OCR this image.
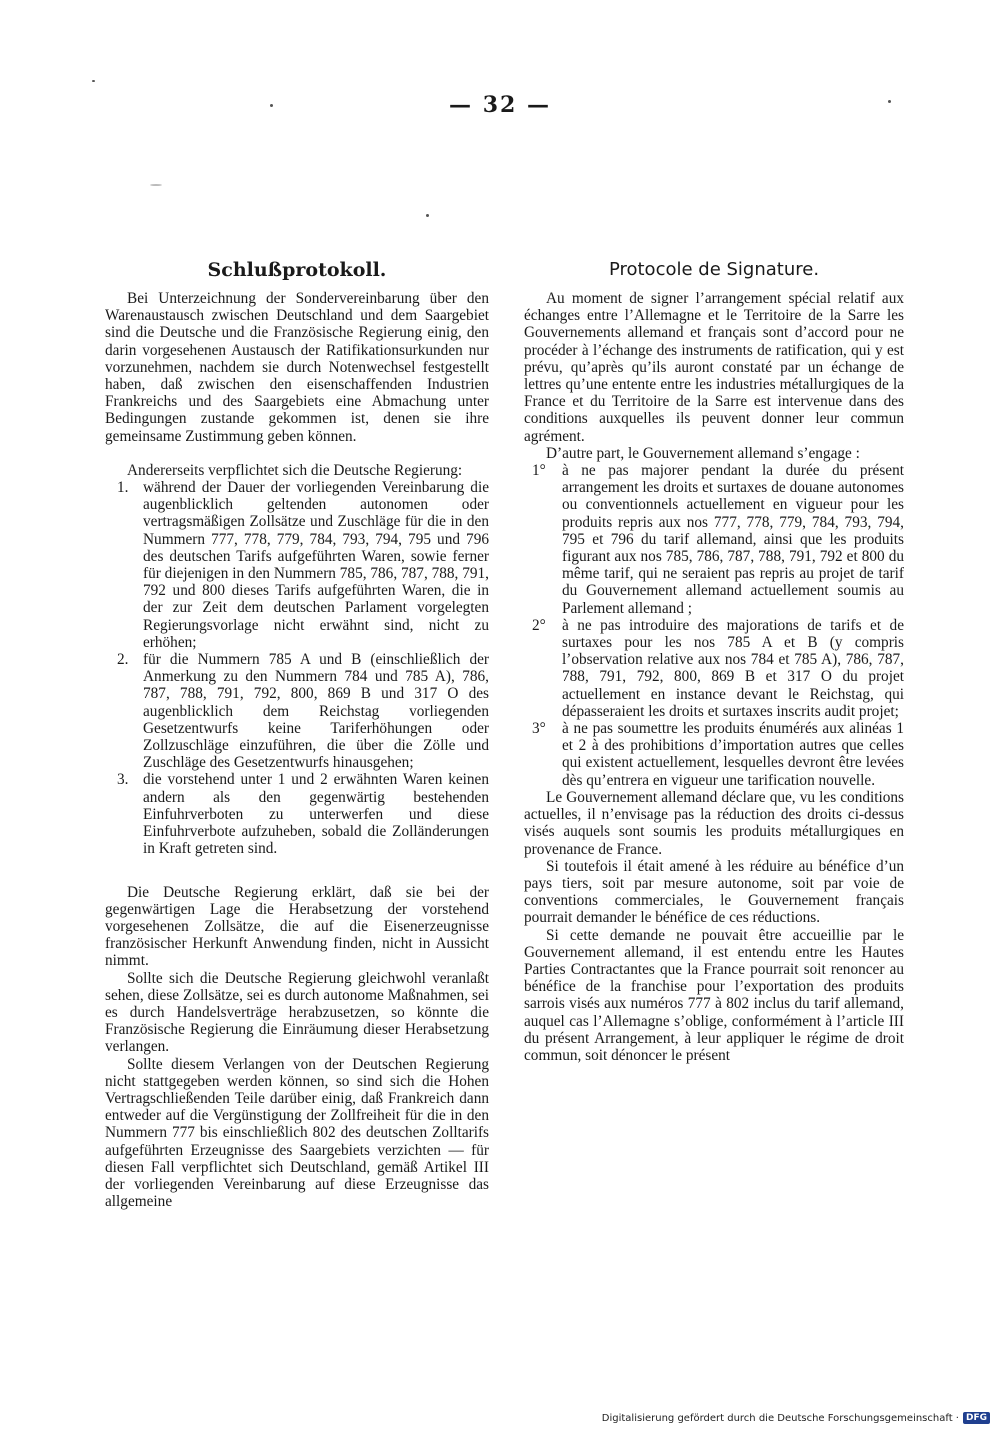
— 32 —

Schlußprotokoll.

Bei Unterzeichnung der Sondervereinbarung über den Warenaustausch zwischen Deutschland und dem Saargebiet sind die Deutsche und die Französische Regierung einig, den darin vorgesehenen Austausch der Ratifikationsurkunden nur vorzunehmen, nachdem sie durch Notenwechsel festgestellt haben, daß zwischen den eisenschaffenden Industrien Frankreichs und des Saargebiets eine Abmachung unter Bedingungen zustande gekommen ist, denen sie ihre gemeinsame Zustimmung geben können.

Andererseits verpflichtet sich die Deutsche Regierung:

1. während der Dauer der vorliegenden Vereinbarung die augenblicklich geltenden autonomen oder vertragsmäßigen Zollsätze und Zuschläge für die in den Nummern 777, 778, 779, 784, 793, 794, 795 und 796 des deutschen Tarifs aufgeführten Waren, sowie ferner für diejenigen in den Nummern 785, 786, 787, 788, 791, 792 und 800 dieses Tarifs aufgeführten Waren, die in der zur Zeit dem deutschen Parlament vorgelegten Regierungsvorlage nicht erwähnt sind, nicht zu erhöhen;
2. für die Nummern 785 A und B (einschließlich der Anmerkung zu den Nummern 784 und 785 A), 786, 787, 788, 791, 792, 800, 869 B und 317 O des augenblicklich dem Reichstag vorliegenden Gesetzentwurfs keine Tariferhöhungen oder Zollzuschläge einzuführen, die über die Zölle und Zuschläge des Gesetzentwurfs hinausgehen;
3. die vorstehend unter 1 und 2 erwähnten Waren keinen andern als den gegenwärtig bestehenden Einfuhrverboten zu unterwerfen und diese Einfuhrverbote aufzuheben, sobald die Zolländerungen in Kraft getreten sind.

Die Deutsche Regierung erklärt, daß sie bei der gegenwärtigen Lage die Herabsetzung der vorstehend vorgesehenen Zollsätze, die auf die Eisenerzeugnisse französischer Herkunft Anwendung finden, nicht in Aussicht nimmt.

Sollte sich die Deutsche Regierung gleichwohl veranlaßt sehen, diese Zollsätze, sei es durch autonome Maßnahmen, sei es durch Handelsverträge herabzusetzen, so könnte die Französische Regierung die Einräumung dieser Herabsetzung verlangen.

Sollte diesem Verlangen von der Deutschen Regierung nicht stattgegeben werden können, so sind sich die Hohen Vertragschließenden Teile darüber einig, daß Frankreich dann entweder auf die Vergünstigung der Zollfreiheit für die in den Nummern 777 bis einschließlich 802 des deutschen Zolltarifs aufgeführten Erzeugnisse des Saargebiets verzichten — für diesen Fall verpflichtet sich Deutschland, gemäß Artikel III der vorliegenden Vereinbarung auf diese Erzeugnisse das allgemeine

Protocole de Signature.

Au moment de signer l’arrangement spécial relatif aux échanges entre l’Allemagne et le Territoire de la Sarre les Gouvernements allemand et français sont d’accord pour ne procéder à l’échange des instruments de ratification, qui y est prévu, qu’après qu’ils auront constaté par un échange de lettres qu’une entente entre les industries métallurgiques de la France et du Territoire de la Sarre est intervenue dans des conditions auxquelles ils peuvent donner leur commun agrément.

D’autre part, le Gouvernement allemand s’engage :

1°	à ne pas majorer pendant la durée du présent arrangement les droits et surtaxes de douane autonomes ou conventionnels actuellement en vigueur pour les produits repris aux nos 777, 778, 779, 784, 793, 794, 795 et 796 du tarif allemand, ainsi que les produits figurant aux nos 785, 786, 787, 788, 791, 792 et 800 du même tarif, qui ne seraient pas repris au projet de tarif du Gouvernement allemand actuellement soumis au Parlement allemand ;
2°	à ne pas introduire des majorations de tarifs et de surtaxes pour les nos 785 A et B (y compris l’observation relative aux nos 784 et 785 A), 786, 787, 788, 791, 792, 800, 869 B et 317 O du projet actuellement en instance devant le Reichstag, qui dépasseraient les droits et surtaxes inscrits audit projet;
3°	à ne pas soumettre les produits énumérés aux alinéas 1 et 2 à des prohibitions d’importation autres que celles qui existent actuellement, lesquelles devront être levées dès qu’entrera en vigueur une tarification nouvelle.

Le Gouvernement allemand déclare que, vu les conditions actuelles, il n’envisage pas la réduction des droits ci-dessus visés auquels sont soumis les produits métallurgiques en provenance de France.

Si toutefois il était amené à les réduire au bénéfice d’un pays tiers, soit par mesure autonome, soit par voie de conventions commerciales, le Gouvernement français pourrait demander le bénéfice de ces réductions.

Si cette demande ne pouvait être accueillie par le Gouvernement allemand, il est entendu entre les Hautes Parties Contractantes que la France pourrait soit renoncer au bénéfice de la franchise pour l’exportation des produits sarrois visés aux numéros 777 à 802 inclus du tarif allemand, auquel cas l’Allemagne s’oblige, conformément à l’article III du présent Arrangement, à leur appliquer le régime de droit commun, soit dénoncer le présent

Digitalisierung gefördert durch die Deutsche Forschungsgemeinschaft · DFG
